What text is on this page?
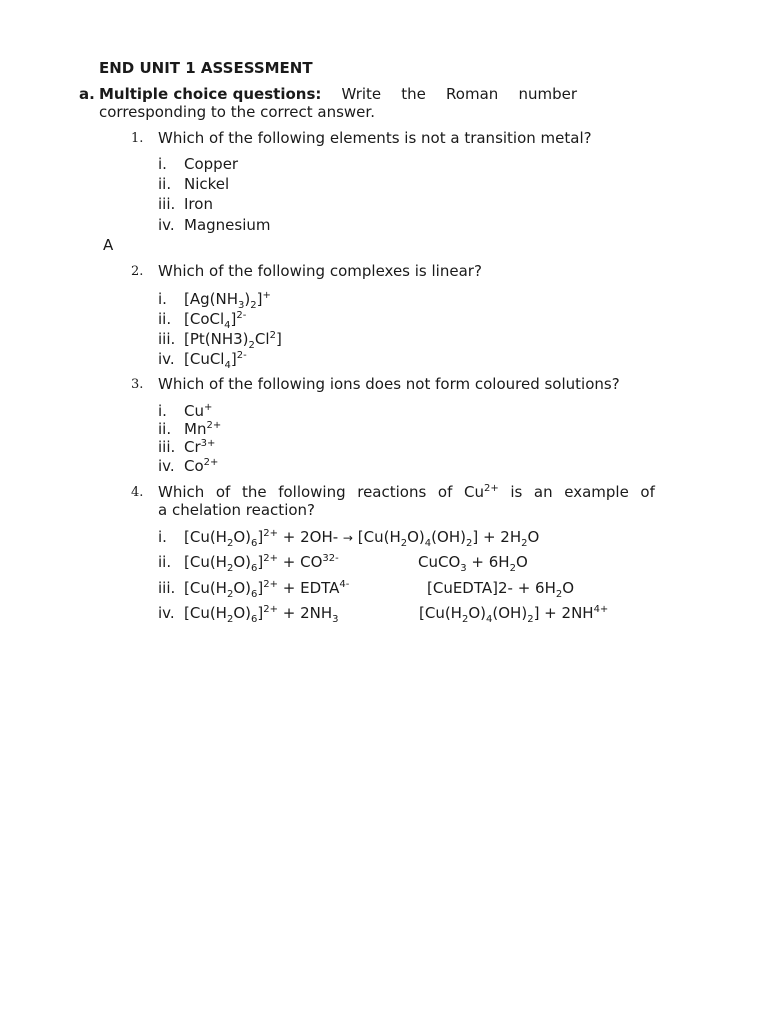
END UNIT 1 ASSESSMENT
a. Multiple choice questions: Write the Roman number
corresponding to the correct answer.
1. Which of the following elements is not a transition metal?
i. Copper
ii. Nickel
iii. Iron
iv. Magnesium
A
2. Which of the following complexes is linear?
i. $[Ag(NH_3)_2]^+$
ii. [CoCl$_4$]$^{2-}$
iii. $[Pt(NH3)_2Cl^2]$
iv. [CuCl$_4$]$^{2-}$
3. Which of the following ions does not form coloured solutions?
i. Cu+
ii. $Mn^{2+}$
iii. $Cr^{3+}$
iv. $Co^{2+}$
4. Which of the following reactions of $Cu^{2+}$ is an example of
a chelation reaction?
i. $[Cu(H_2O)_6]^{2+} + 2OH- \to [Cu(H_2O)_4(OH)_2] + 2H_2O$
ii. $[Cu(H_2O)_6]^{2+} + CO^{32-}$	CuCO$_3$ + $6H_2O$
iii. $[Cu(H_2O)_6]^{2+}$ + $EDTA^{4-}$	[CuEDTA]2- + $6H_2O$
iv. $[Cu(H_2O)_6]^{2+} + 2NH_3$	$[Cu(H_2O)_4(OH)_2] + 2NH^{4+}$
